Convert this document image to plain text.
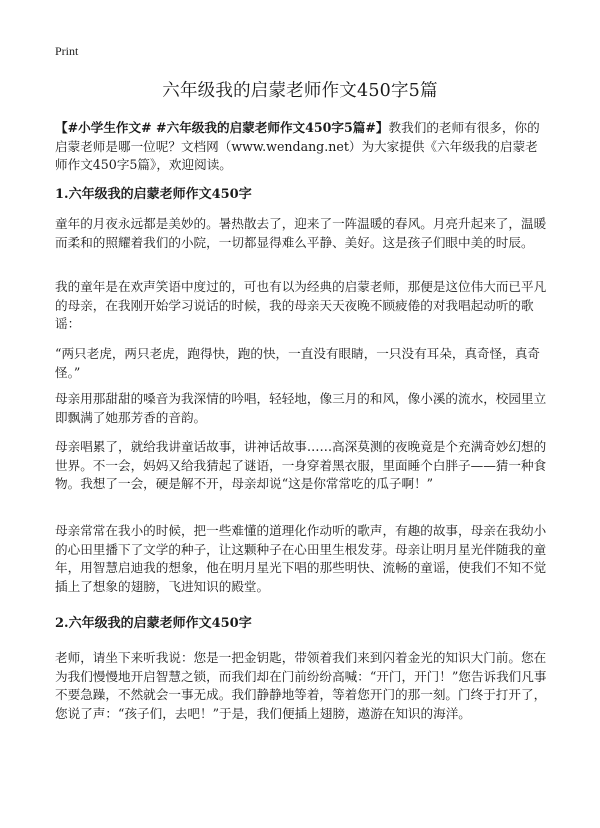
Print
六年级我的启蒙老师作文450字5篇

【#小学生作文# #六年级我的启蒙老师作文450字5篇#】教我们的老师有很多，你的启蒙老师是哪一位呢？文档网（www.wendang.net）为大家提供《六年级我的启蒙老师作文450字5篇》，欢迎阅读。

1.六年级我的启蒙老师作文450字

童年的月夜永远都是美妙的。暑热散去了，迎来了一阵温暖的春风。月亮升起来了，温暖而柔和的照耀着我们的小院，一切都显得难么平静、美好。这是孩子们眼中美的时辰。

我的童年是在欢声笑语中度过的，可也有以为经典的启蒙老师，那便是这位伟大而已平凡的母亲，在我刚开始学习说话的时候，我的母亲天天夜晚不顾疲倦的对我唱起动听的歌谣：

“两只老虎，两只老虎，跑得快，跑的快，一直没有眼睛，一只没有耳朵，真奇怪，真奇怪。”

母亲用那甜甜的嗓音为我深情的吟唱，轻轻地，像三月的和风，像小溪的流水，校园里立即飘满了她那芳香的音韵。

母亲唱累了，就给我讲童话故事，讲神话故事……高深莫测的夜晚竟是个充满奇妙幻想的世界。不一会，妈妈又给我猜起了谜语，一身穿着黑衣服，里面睡个白胖子——猜一种食物。我想了一会，硬是解不开，母亲却说“这是你常常吃的瓜子啊！”

母亲常常在我小的时候，把一些难懂的道理化作动听的歌声，有趣的故事，母亲在我幼小的心田里播下了文学的种子，让这颗种子在心田里生根发芽。母亲让明月星光伴随我的童年，用智慧启迪我的想象，他在明月星光下唱的那些明快、流畅的童谣，使我们不知不觉插上了想象的翅膀，飞进知识的殿堂。

2.六年级我的启蒙老师作文450字

老师，请坐下来听我说：您是一把金钥匙，带领着我们来到闪着金光的知识大门前。您在为我们慢慢地开启智慧之锁，而我们却在门前纷纷高喊：“开门，开门！”您告诉我们凡事不要急躁，不然就会一事无成。我们静静地等着，等着您开门的那一刻。门终于打开了，您说了声：“孩子们，去吧！”于是，我们便插上翅膀，遨游在知识的海洋。
